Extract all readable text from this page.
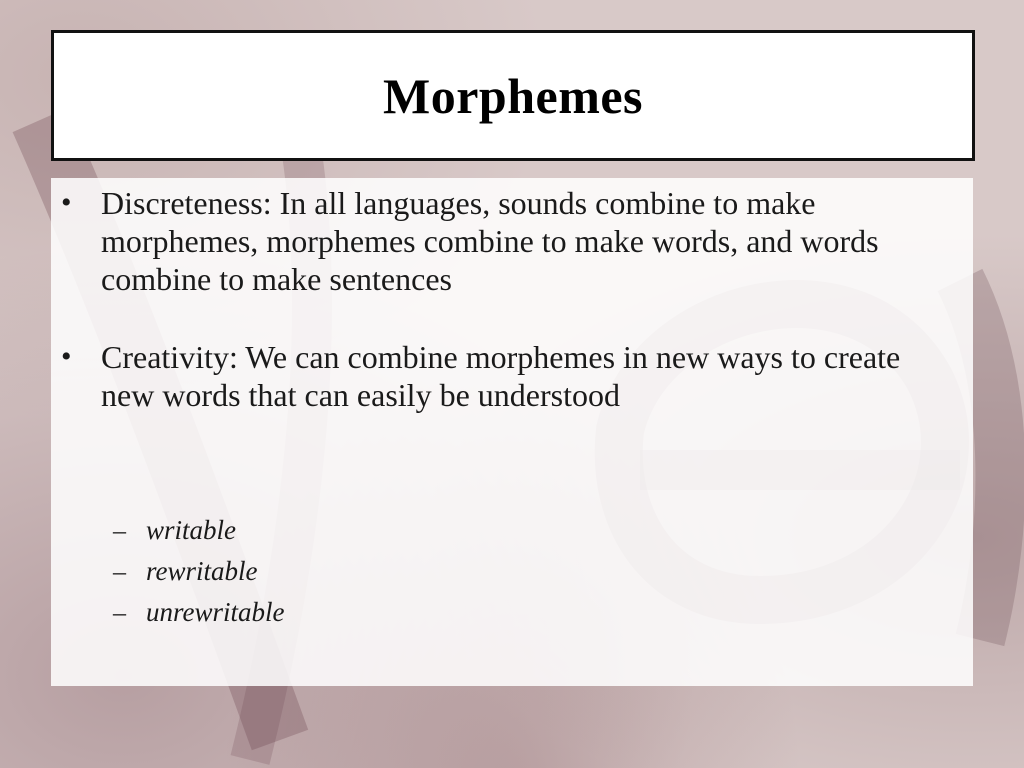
Morphemes
• Discreteness: In all languages, sounds combine to make morphemes, morphemes combine to make words, and words combine to make sentences
• Creativity: We can combine morphemes in new ways to create new words that can easily be understood
– writable
– rewritable
– unrewritable
